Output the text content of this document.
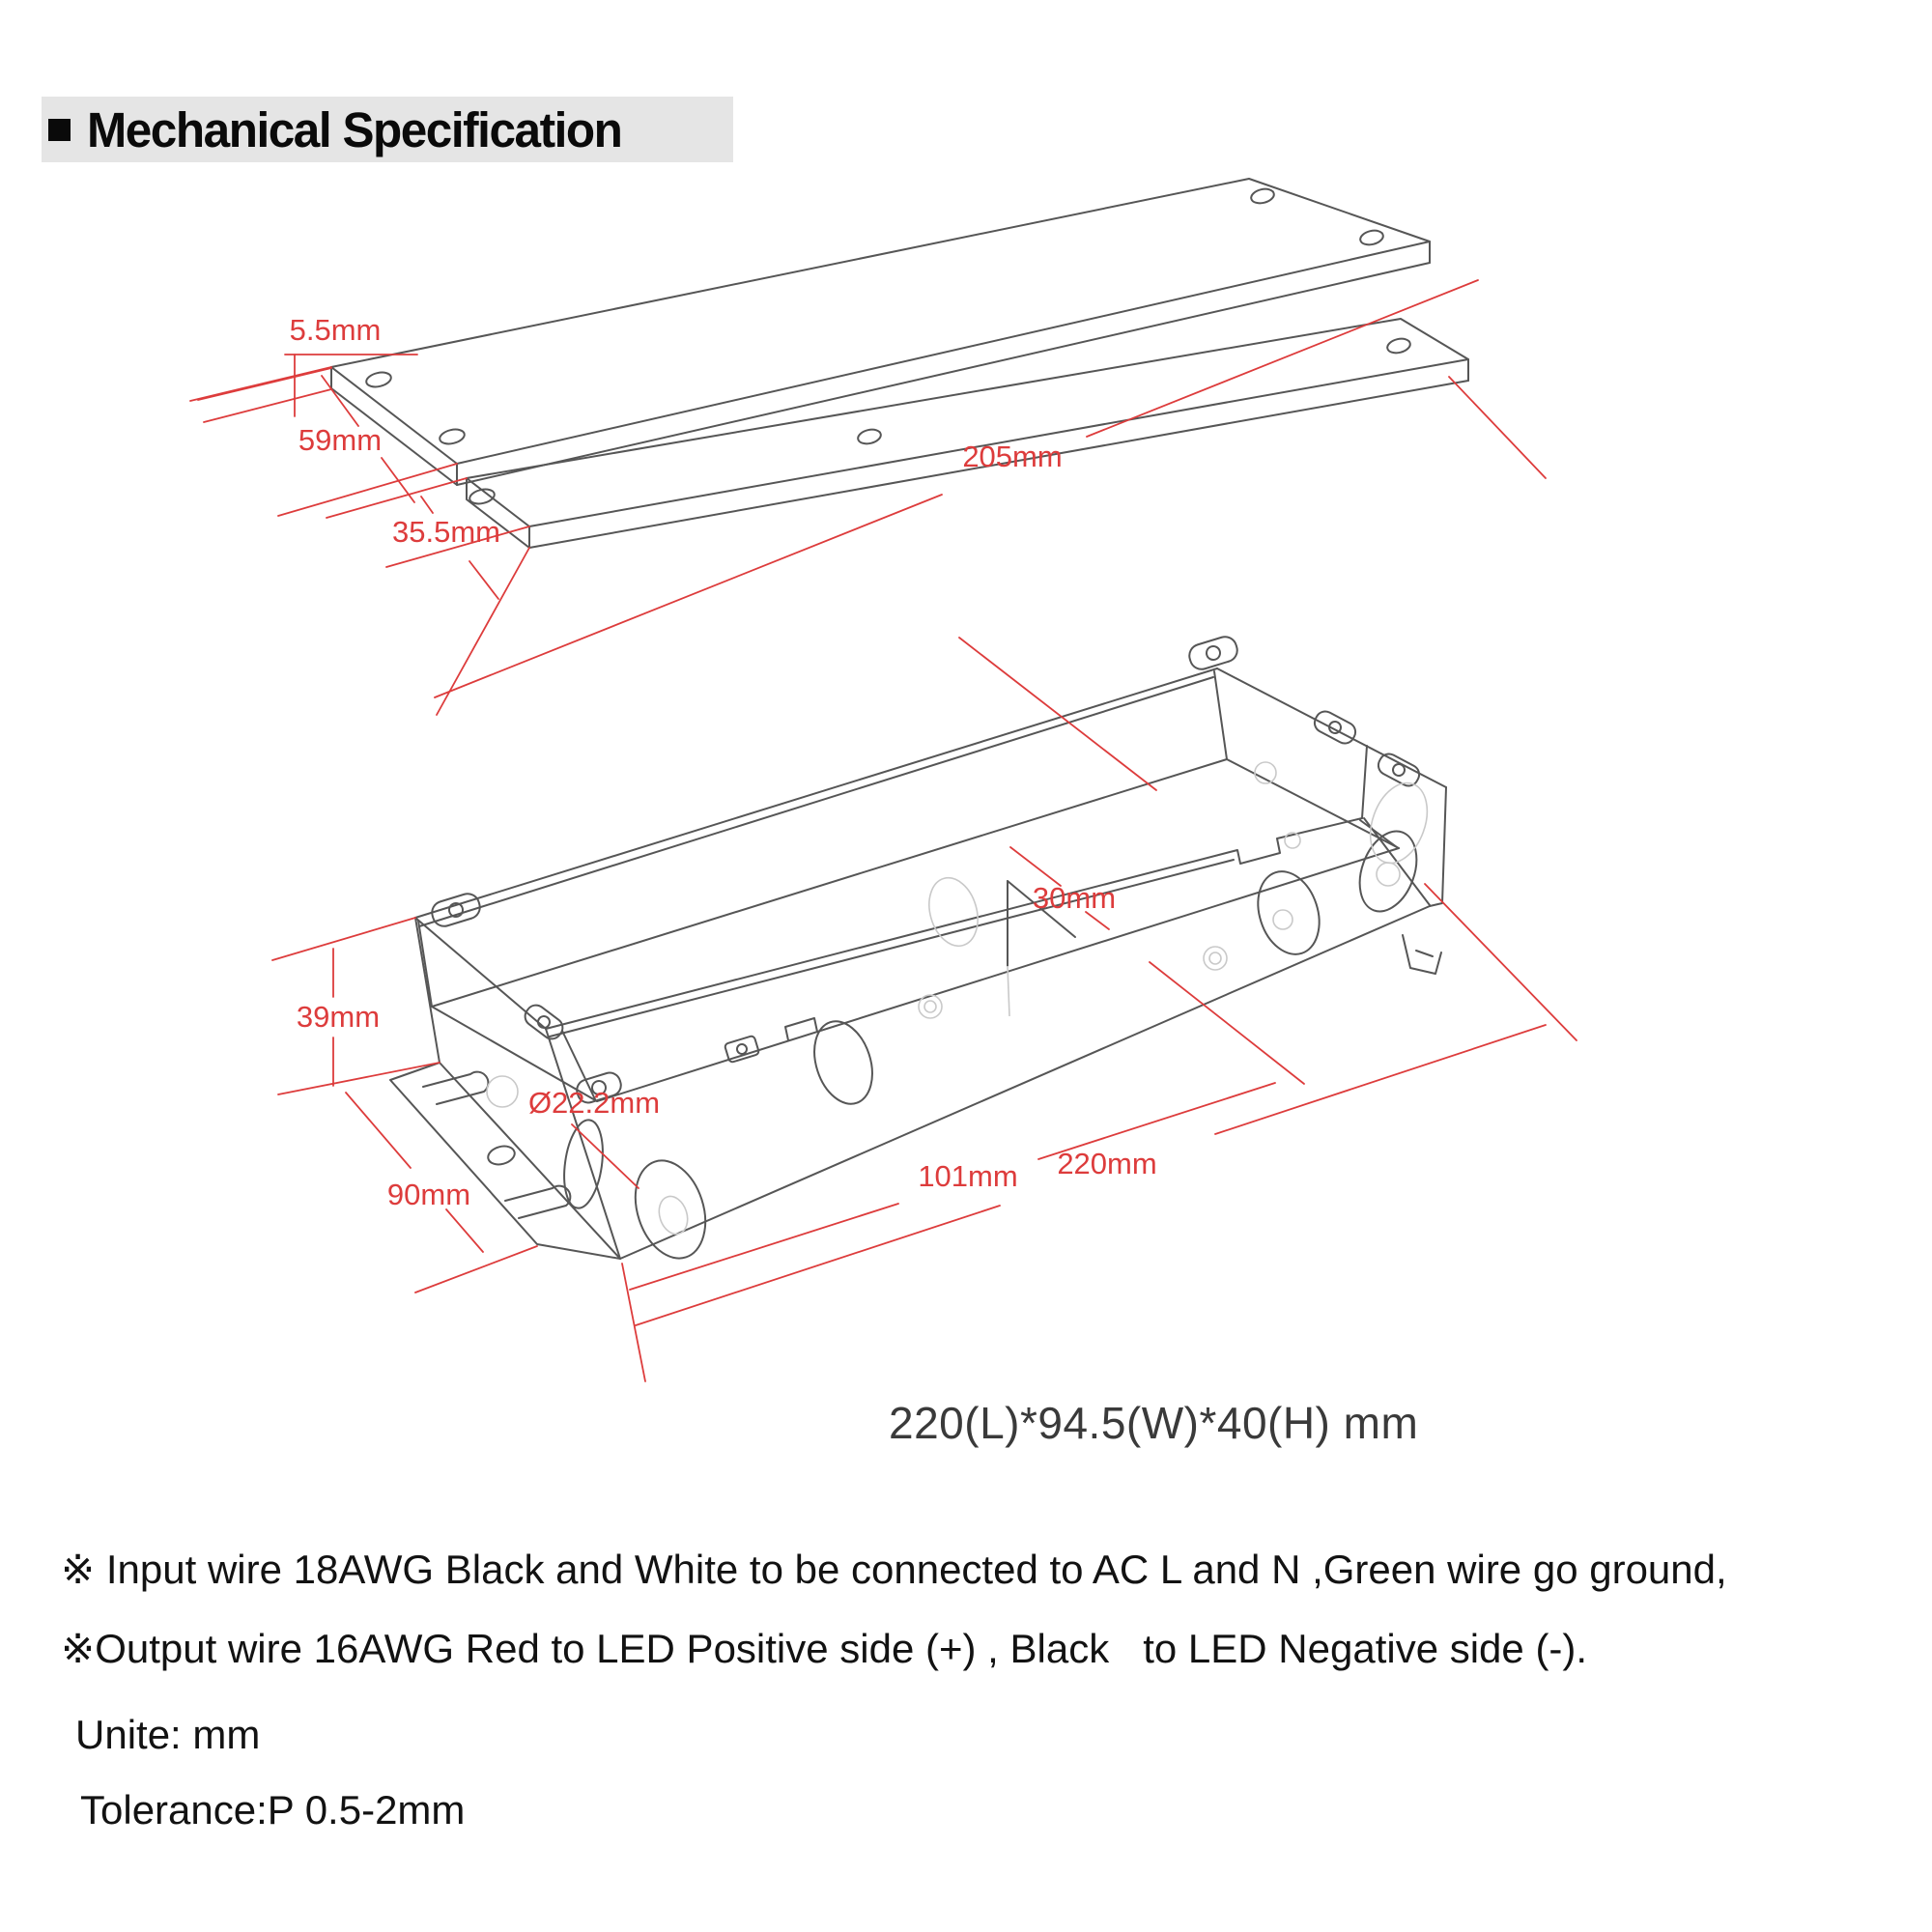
Mechanical Specification
5.5mm
59mm
35.5mm
205mm
30mm
39mm
Ø22.2mm
90mm
101mm 220mm
220(L)*94.5(W)*40(H) mm
※ Input wire 18AWG Black and White to be connected to AC L and N ,Green wire go ground,
※Output wire 16AWG Red to LED Positive side (+) , Black   to LED Negative side (-).
Unite: mm
Tolerance:P 0.5-2mm
